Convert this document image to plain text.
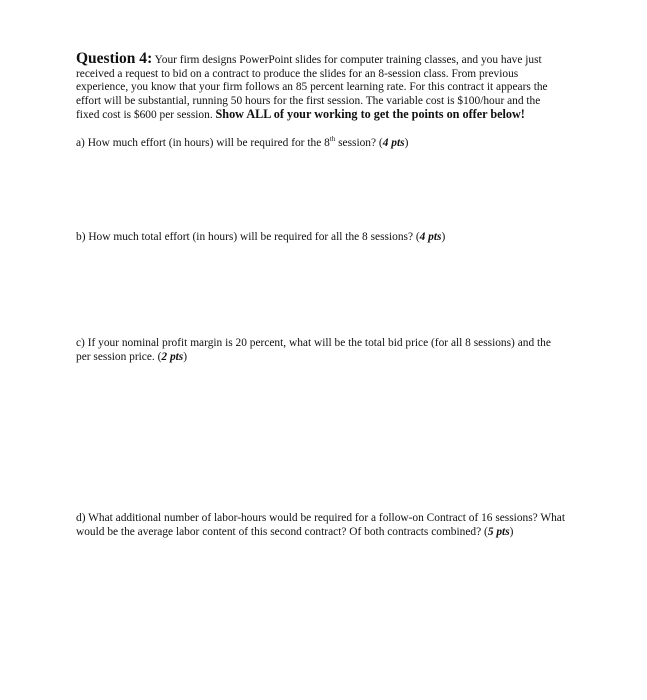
Question 4: Your firm designs PowerPoint slides for computer training classes, and you have just received a request to bid on a contract to produce the slides for an 8-session class. From previous experience, you know that your firm follows an 85 percent learning rate. For this contract it appears the effort will be substantial, running 50 hours for the first session. The variable cost is $100/hour and the fixed cost is $600 per session. Show ALL of your working to get the points on offer below!
a) How much effort (in hours) will be required for the 8th session? (4 pts)
b) How much total effort (in hours) will be required for all the 8 sessions? (4 pts)
c) If your nominal profit margin is 20 percent, what will be the total bid price (for all 8 sessions) and the per session price. (2 pts)
d) What additional number of labor-hours would be required for a follow-on Contract of 16 sessions? What would be the average labor content of this second contract? Of both contracts combined? (5 pts)
